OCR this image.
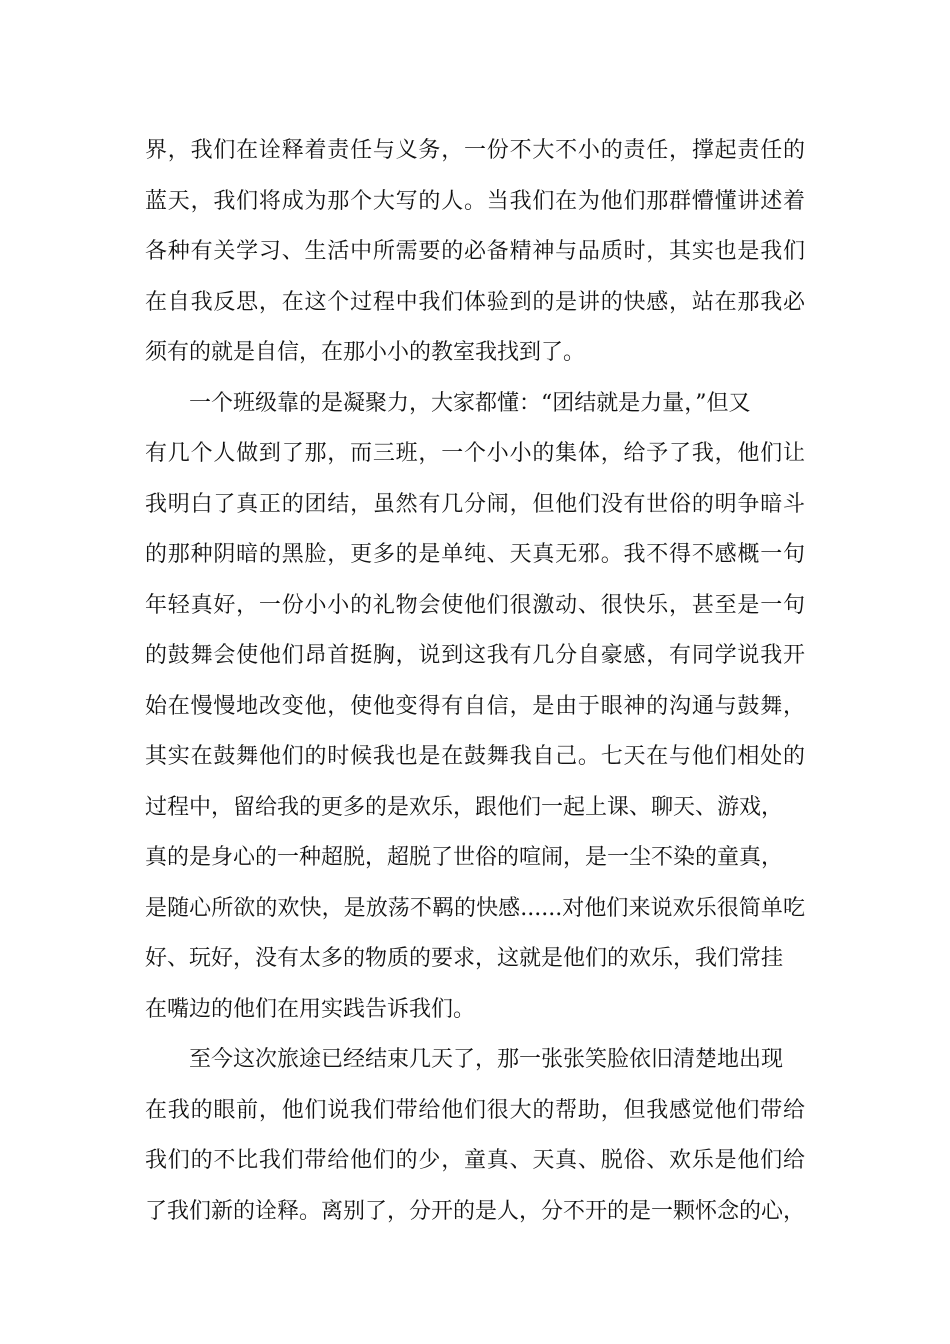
界，我们在诠释着责任与义务，一份不大不小的责任，撑起责任的
蓝天，我们将成为那个大写的人。当我们在为他们那群懵懂讲述着
各种有关学习、生活中所需要的必备精神与品质时，其实也是我们
在自我反思，在这个过程中我们体验到的是讲的快感，站在那我必
须有的就是自信，在那小小的教室我找到了。
一个班级靠的是凝聚力，大家都懂：“团结就是力量，”但又
有几个人做到了那，而三班，一个小小的集体，给予了我，他们让
我明白了真正的团结，虽然有几分闹，但他们没有世俗的明争暗斗
的那种阴暗的黑脸，更多的是单纯、天真无邪。我不得不感概一句
年轻真好，一份小小的礼物会使他们很激动、很快乐，甚至是一句
的鼓舞会使他们昂首挺胸，说到这我有几分自豪感，有同学说我开
始在慢慢地改变他，使他变得有自信，是由于眼神的沟通与鼓舞，
其实在鼓舞他们的时候我也是在鼓舞我自己。七天在与他们相处的
过程中，留给我的更多的是欢乐，跟他们一起上课、聊天、游戏，
真的是身心的一种超脱，超脱了世俗的喧闹，是一尘不染的童真，
是随心所欲的欢快，是放荡不羁的快感......对他们来说欢乐很简单吃
好、玩好，没有太多的物质的要求，这就是他们的欢乐，我们常挂
在嘴边的他们在用实践告诉我们。
至今这次旅途已经结束几天了，那一张张笑脸依旧清楚地出现
在我的眼前，他们说我们带给他们很大的帮助，但我感觉他们带给
我们的不比我们带给他们的少，童真、天真、脱俗、欢乐是他们给
了我们新的诠释。离别了，分开的是人，分不开的是一颗怀念的心，
